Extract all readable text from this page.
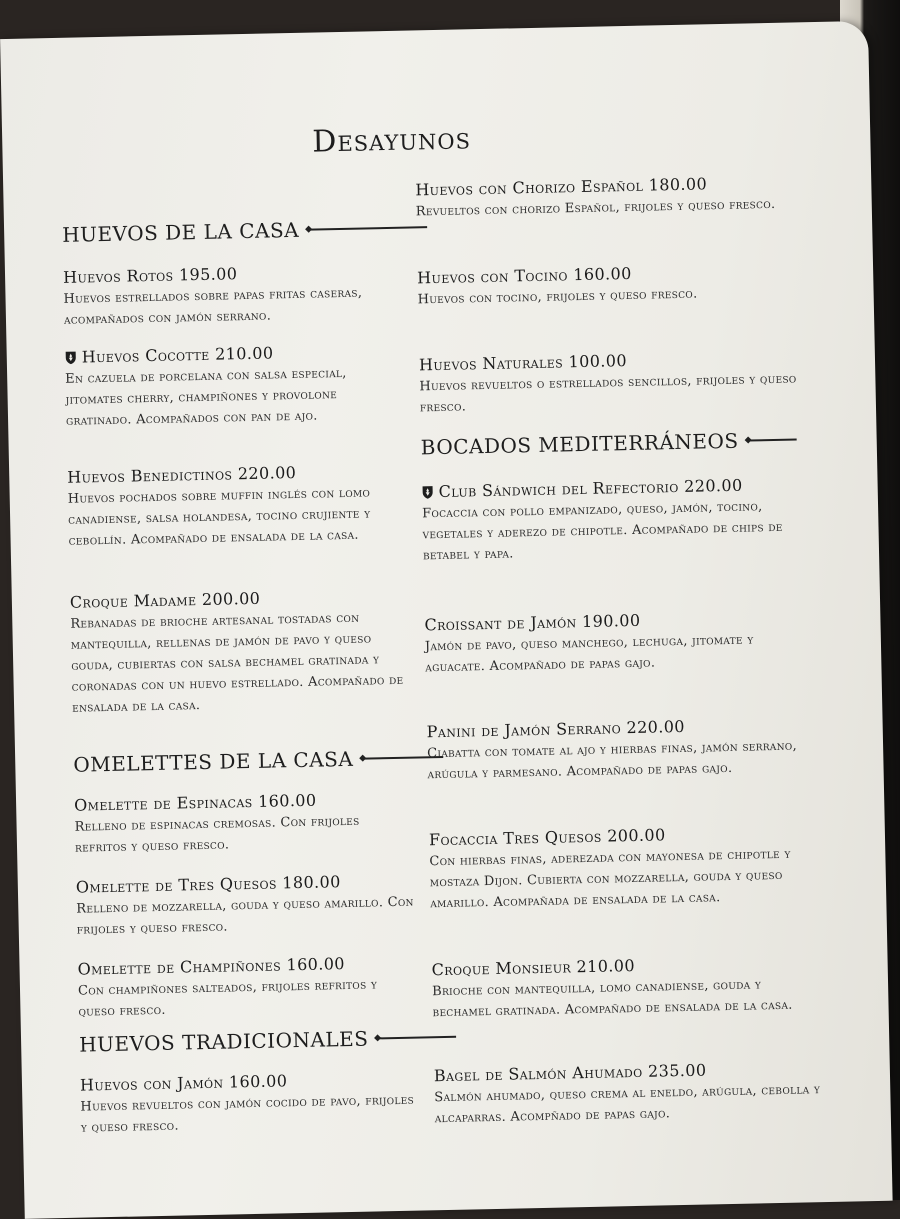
Desayunos
HUEVOS DE LA CASA
Huevos Rotos 195.00
Huevos estrellados sobre papas fritas caseras, acompañados con jamón serrano.
Huevos Cocotte 210.00
En cazuela de porcelana con salsa especial, jitomates cherry, champiñones y provolone gratinado. Acompañados con pan de ajo.
Huevos Benedictinos 220.00
Huevos pochados sobre muffin inglés con lomo canadiense, salsa holandesa, tocino crujiente y cebollín. Acompañado de ensalada de la casa.
Croque Madame 200.00
Rebanadas de brioche artesanal tostadas con mantequilla, rellenas de jamón de pavo y queso gouda, cubiertas con salsa bechamel gratinada y coronadas con un huevo estrellado. Acompañado de ensalada de la casa.
OMELETTES DE LA CASA
Omelette de Espinacas 160.00
Relleno de espinacas cremosas. Con frijoles refritos y queso fresco.
Omelette de Tres Quesos 180.00
Relleno de mozzarella, gouda y queso amarillo. Con frijoles y queso fresco.
Omelette de Champiñones 160.00
Con champiñones salteados, frijoles refritos y queso fresco.
HUEVOS TRADICIONALES
Huevos con Jamón 160.00
Huevos revueltos con jamón cocido de pavo, frijoles y queso fresco.
Huevos con Chorizo Español 180.00
Revueltos con chorizo Español, frijoles y queso fresco.
Huevos con Tocino 160.00
Huevos con tocino, frijoles y queso fresco.
Huevos Naturales 100.00
Huevos revueltos o estrellados sencillos, frijoles y queso fresco.
BOCADOS MEDITERRÁNEOS
Club Sándwich del Refectorio 220.00
Focaccia con pollo empanizado, queso, jamón, tocino, vegetales y aderezo de chipotle. Acompañado de chips de betabel y papa.
Croissant de Jamón 190.00
Jamón de pavo, queso manchego, lechuga, jitomate y aguacate. Acompañado de papas gajo.
Panini de Jamón Serrano 220.00
Ciabatta con tomate al ajo y hierbas finas, jamón serrano, arúgula y parmesano. Acompañado de papas gajo.
Focaccia Tres Quesos 200.00
Con hierbas finas, aderezada con mayonesa de chipotle y mostaza Dijon. Cubierta con mozzarella, gouda y queso amarillo. Acompañada de ensalada de la casa.
Croque Monsieur 210.00
Brioche con mantequilla, lomo canadiense, gouda y bechamel gratinada. Acompañado de ensalada de la casa.
Bagel de Salmón Ahumado 235.00
Salmón ahumado, queso crema al eneldo, arúgula, cebolla y alcaparras. Acompñado de papas gajo.
